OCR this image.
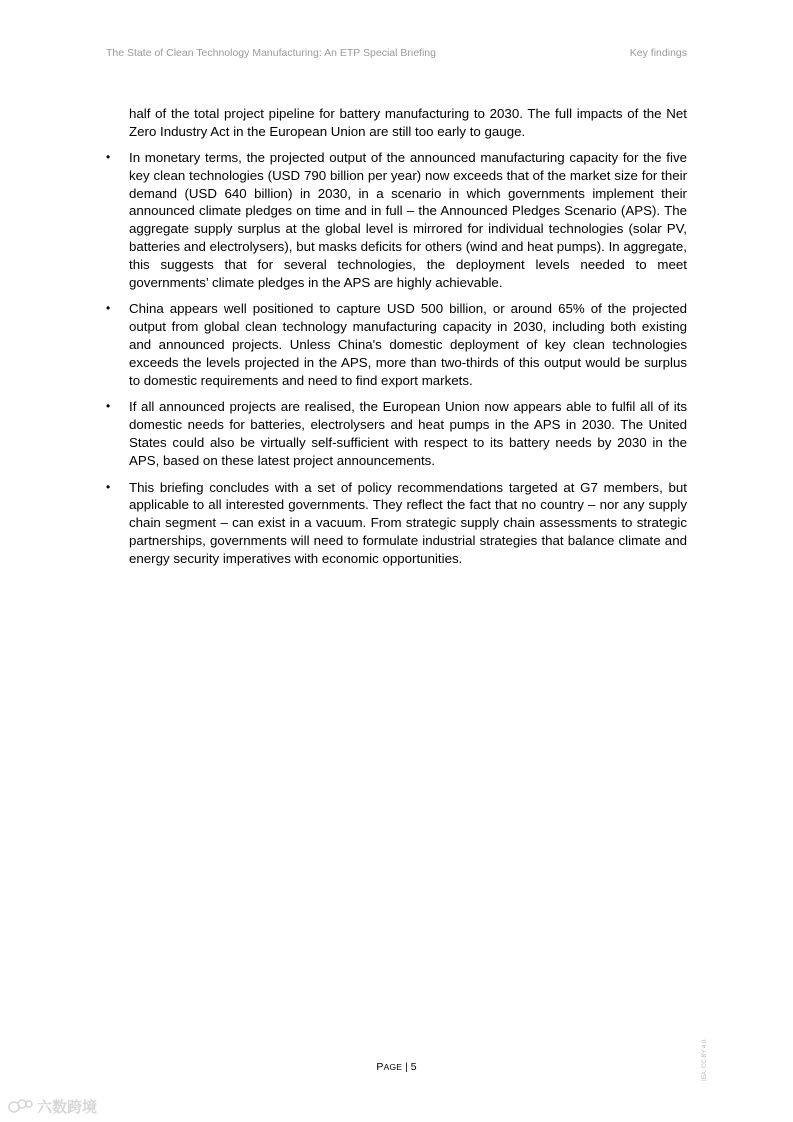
The State of Clean Technology Manufacturing: An ETP Special Briefing	Key findings

half of the total project pipeline for battery manufacturing to 2030. The full impacts of the Net Zero Industry Act in the European Union are still too early to gauge.

• In monetary terms, the projected output of the announced manufacturing capacity for the five key clean technologies (USD 790 billion per year) now exceeds that of the market size for their demand (USD 640 billion) in 2030, in a scenario in which governments implement their announced climate pledges on time and in full – the Announced Pledges Scenario (APS). The aggregate supply surplus at the global level is mirrored for individual technologies (solar PV, batteries and electrolysers), but masks deficits for others (wind and heat pumps). In aggregate, this suggests that for several technologies, the deployment levels needed to meet governments’ climate pledges in the APS are highly achievable.
• China appears well positioned to capture USD 500 billion, or around 65% of the projected output from global clean technology manufacturing capacity in 2030, including both existing and announced projects. Unless China's domestic deployment of key clean technologies exceeds the levels projected in the APS, more than two-thirds of this output would be surplus to domestic requirements and need to find export markets.
• If all announced projects are realised, the European Union now appears able to fulfil all of its domestic needs for batteries, electrolysers and heat pumps in the APS in 2030. The United States could also be virtually self-sufficient with respect to its battery needs by 2030 in the APS, based on these latest project announcements.
• This briefing concludes with a set of policy recommendations targeted at G7 members, but applicable to all interested governments. They reflect the fact that no country – nor any supply chain segment – can exist in a vacuum. From strategic supply chain assessments to strategic partnerships, governments will need to formulate industrial strategies that balance climate and energy security imperatives with economic opportunities.
PAGE | 5	IEA. CC BY 4.0.
六数跨境
